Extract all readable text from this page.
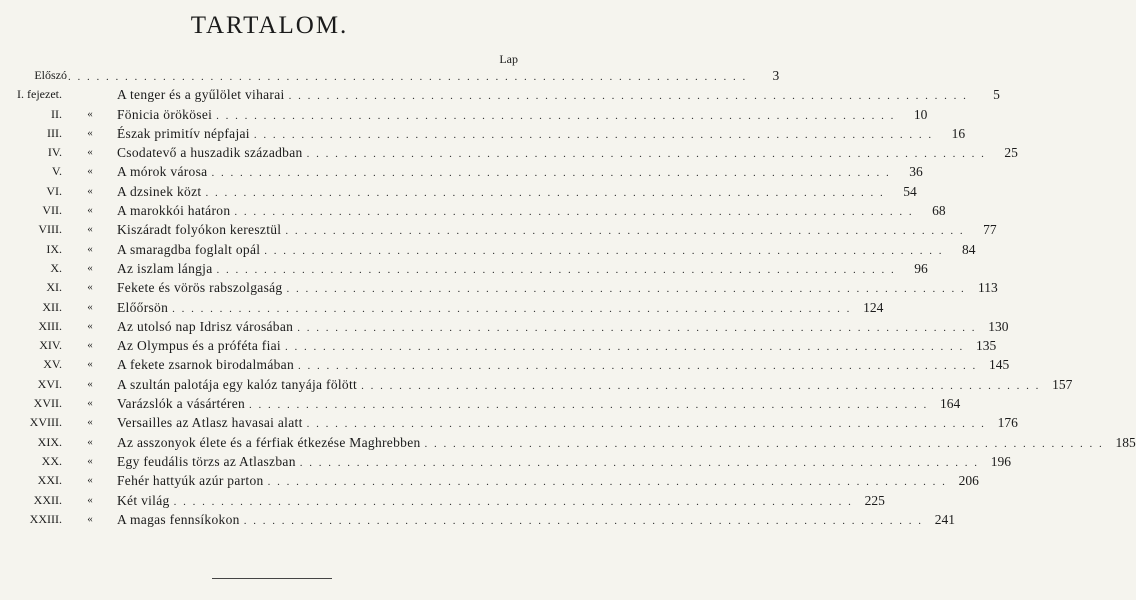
TARTALOM.
Lap
Előszó . . . . . . . . . . . . . . . . . . . . . . . . . . . . . . . . . . . . . . . . . . . . . . . . . . . . . . . . . . . . . . . . . . . . . . . .	3
I. fejezet.	A tenger és a gyűlölet viharai . . . . . . . . . . . . . . . . . . . . . . . . . . . . . . . . . . . . . . . . . . . . . . . . . . . . . . . . . . . . . . . . . . . . . . . .	5
II. « Fönicia örökösei . . . . . . . . . . . . . . . . . . . . . . . . . . . . . . . . . . . . . . . . . . . . . . . . . . . . . . . . . . . . . . . . . . . . . . . .	10
III. « Észak primitív népfajai . . . . . . . . . . . . . . . . . . . . . . . . . . . . . . . . . . . . . . . . . . . . . . . . . . . . . . . . . . . . . . . . . . . . . . . .	16
IV. « Csodatevő a huszadik században . . . . . . . . . . . . . . . . . . . . . . . . . . . . . . . . . . . . . . . . . . . . . . . . . . . . . . . . . . . . . . . . . . . . . . . .	25
V. « A mórok városa . . . . . . . . . . . . . . . . . . . . . . . . . . . . . . . . . . . . . . . . . . . . . . . . . . . . . . . . . . . . . . . . . . . . . . . .	36
VI. « A dzsinek közt . . . . . . . . . . . . . . . . . . . . . . . . . . . . . . . . . . . . . . . . . . . . . . . . . . . . . . . . . . . . . . . . . . . . . . . .	54
VII. « A marokkói határon . . . . . . . . . . . . . . . . . . . . . . . . . . . . . . . . . . . . . . . . . . . . . . . . . . . . . . . . . . . . . . . . . . . . . . . .	68
VIII. « Kiszáradt folyókon keresztül . . . . . . . . . . . . . . . . . . . . . . . . . . . . . . . . . . . . . . . . . . . . . . . . . . . . . . . . . . . . . . . . . . . . . . . .	77
IX. « A smaragdba foglalt opál . . . . . . . . . . . . . . . . . . . . . . . . . . . . . . . . . . . . . . . . . . . . . . . . . . . . . . . . . . . . . . . . . . . . . . . .	84
X. « Az iszlam lángja . . . . . . . . . . . . . . . . . . . . . . . . . . . . . . . . . . . . . . . . . . . . . . . . . . . . . . . . . . . . . . . . . . . . . . . .	96
XI. « Fekete és vörös rabszolgaság . . . . . . . . . . . . . . . . . . . . . . . . . . . . . . . . . . . . . . . . . . . . . . . . . . . . . . . . . . . . . . . . . . . . . . . . 113
XII. « Előőrsön . . . . . . . . . . . . . . . . . . . . . . . . . . . . . . . . . . . . . . . . . . . . . . . . . . . . . . . . . . . . . . . . . . . . . . . . 124
XIII. « Az utolsó nap Idrisz városában . . . . . . . . . . . . . . . . . . . . . . . . . . . . . . . . . . . . . . . . . . . . . . . . . . . . . . . . . . . . . . . . . . . . . . . . 130
XIV. « Az Olympus és a próféta fiai . . . . . . . . . . . . . . . . . . . . . . . . . . . . . . . . . . . . . . . . . . . . . . . . . . . . . . . . . . . . . . . . . . . . . . . . 135
XV. « A fekete zsarnok birodalmában . . . . . . . . . . . . . . . . . . . . . . . . . . . . . . . . . . . . . . . . . . . . . . . . . . . . . . . . . . . . . . . . . . . . . . . . 145
XVI. « A szultán palotája egy kalóz tanyája fölött . . . . . . . . . . . . . . . . . . . . . . . . . . . . . . . . . . . . . . . . . . . . . . . . . . . . . . . . . . . . . . . . . . . . . . . . 157
XVII. « Varázslók a vásártéren . . . . . . . . . . . . . . . . . . . . . . . . . . . . . . . . . . . . . . . . . . . . . . . . . . . . . . . . . . . . . . . . . . . . . . . . 164
XVIII. « Versailles az Atlasz havasai alatt . . . . . . . . . . . . . . . . . . . . . . . . . . . . . . . . . . . . . . . . . . . . . . . . . . . . . . . . . . . . . . . . . . . . . . . . 176
XIX. « Az asszonyok élete és a férfiak étkezése Maghrebben . . . . . . . . . . . . . . . . . . . . . . . . . . . . . . . . . . . . . . . . . . . . . . . . . . . . . . . . . . . . . . . . . . . . . . . . 185
XX. « Egy feudális törzs az Atlaszban . . . . . . . . . . . . . . . . . . . . . . . . . . . . . . . . . . . . . . . . . . . . . . . . . . . . . . . . . . . . . . . . . . . . . . . . 196
XXI. « Fehér hattyúk azúr parton . . . . . . . . . . . . . . . . . . . . . . . . . . . . . . . . . . . . . . . . . . . . . . . . . . . . . . . . . . . . . . . . . . . . . . . . 206
XXII. « Két világ . . . . . . . . . . . . . . . . . . . . . . . . . . . . . . . . . . . . . . . . . . . . . . . . . . . . . . . . . . . . . . . . . . . . . . . . 225
XXIII. « A magas fennsíkokon . . . . . . . . . . . . . . . . . . . . . . . . . . . . . . . . . . . . . . . . . . . . . . . . . . . . . . . . . . . . . . . . . . . . . . . . 241
